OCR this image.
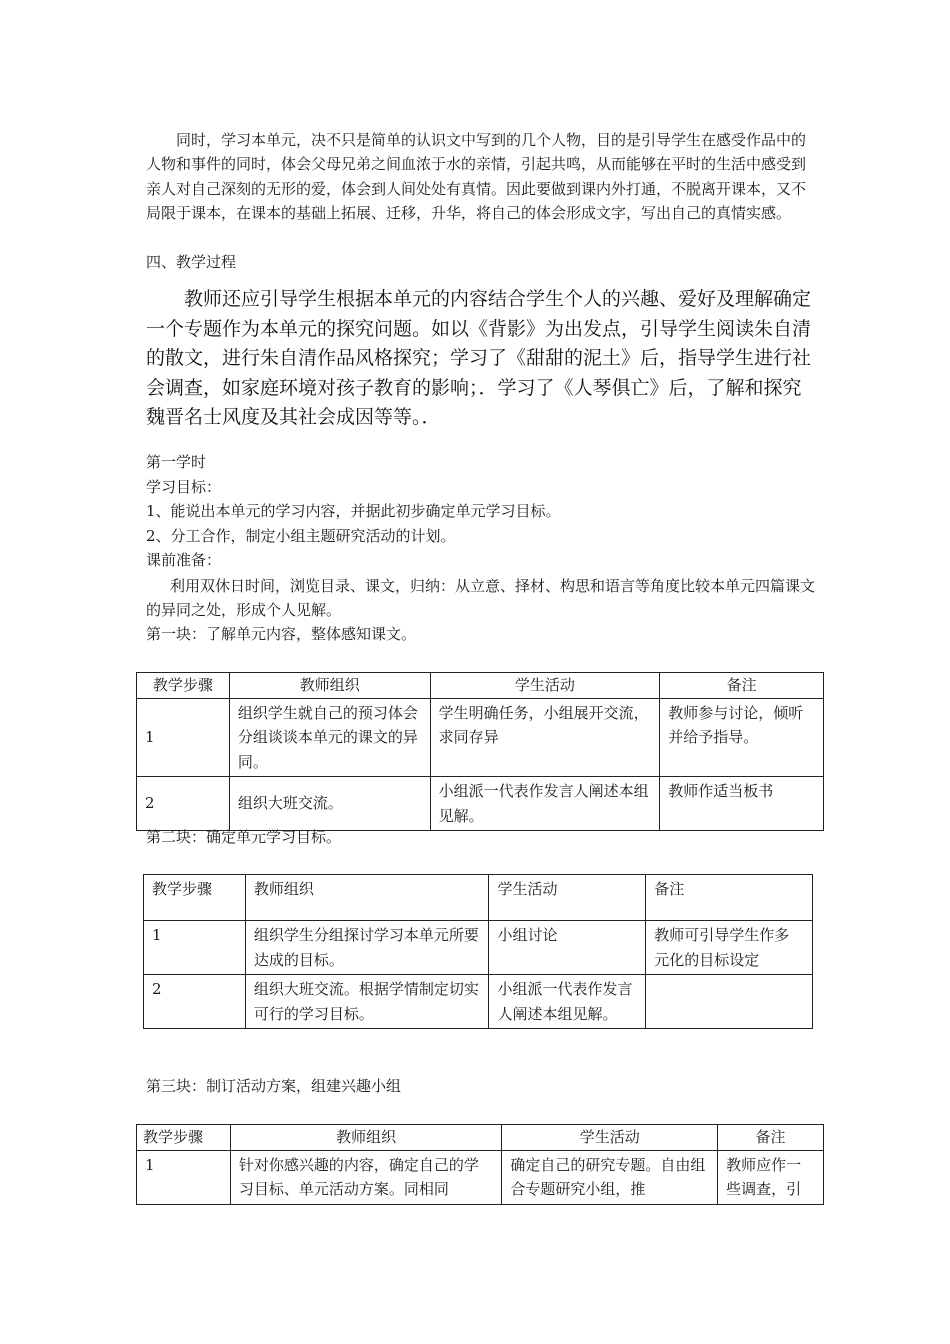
同时，学习本单元，决不只是简单的认识文中写到的几个人物，目的是引导学生在感受作品中的人物和事件的同时，体会父母兄弟之间血浓于水的亲情，引起共鸣，从而能够在平时的生活中感受到亲人对自己深刻的无形的爱，体会到人间处处有真情。因此要做到课内外打通，不脱离开课本，又不局限于课本，在课本的基础上拓展、迁移，升华，将自己的体会形成文字，写出自己的真情实感。

四、教学过程

教师还应引导学生根据本单元的内容结合学生个人的兴趣、爱好及理解确定一个专题作为本单元的探究问题。如以《背影》为出发点，引导学生阅读朱自清的散文，进行朱自清作品风格探究；学习了《甜甜的泥土》后，指导学生进行社会调查，如家庭环境对孩子教育的影响；．学习了《人琴俱亡》后，了解和探究魏晋名士风度及其社会成因等等。．

第一学时

学习目标：

1、能说出本单元的学习内容，并据此初步确定单元学习目标。

2、分工合作，制定小组主题研究活动的计划。

课前准备：

利用双休日时间，浏览目录、课文，归纳：从立意、择材、构思和语言等角度比较本单元四篇课文的异同之处，形成个人见解。

第一块：了解单元内容，整体感知课文。

教学步骤	教师组织	学生活动	备注
1	组织学生就自己的预习体会分组谈谈本单元的课文的异同。	学生明确任务，小组展开交流，求同存异	教师参与讨论，倾听并给予指导。
2	组织大班交流。	小组派一代表作发言人阐述本组见解。	教师作适当板书

第二块：确定单元学习目标。

教学步骤	教师组织	学生活动	备注
1	组织学生分组探讨学习本单元所要达成的目标。	小组讨论	教师可引导学生作多元化的目标设定
2	组织大班交流。根据学情制定切实可行的学习目标。	小组派一代表作发言人阐述本组见解。	

第三块：制订活动方案，组建兴趣小组

教学步骤	教师组织	学生活动	备注
1	针对你感兴趣的内容，确定自己的学习目标、单元活动方案。同相同	确定自己的研究专题。自由组合专题研究小组，推	教师应作一些调查，引
